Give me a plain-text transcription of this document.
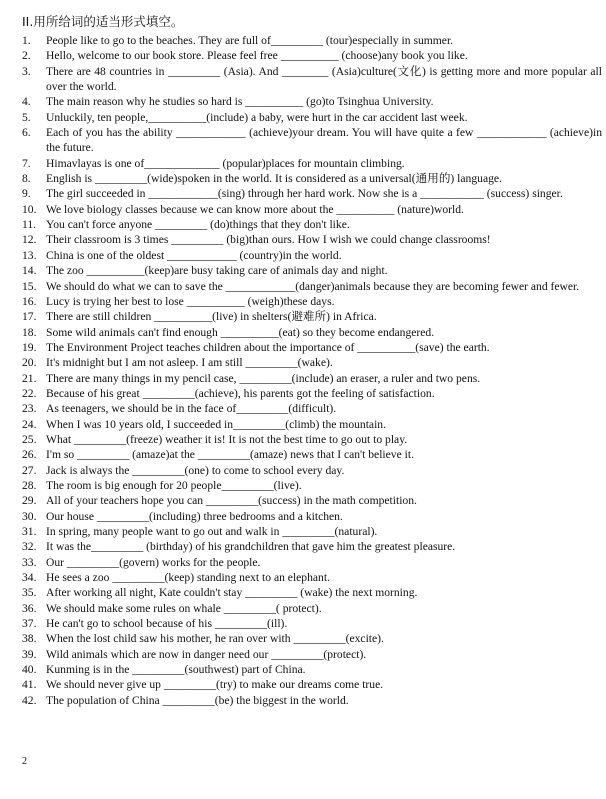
II.用所给词的适当形式填空。
1. People like to go to the beaches. They are full of_________ (tour)especially in summer.
2. Hello, welcome to our book store. Please feel free __________ (choose)any book you like.
3. There are 48 countries in _________ (Asia). And ________ (Asia)culture(文化) is getting more and more popular all over the world.
4. The main reason why he studies so hard is __________ (go)to Tsinghua University.
5. Unluckily, ten people,__________(include) a baby, were hurt in the car accident last week.
6. Each of you has the ability ____________ (achieve)your dream. You will have quite a few ____________ (achieve)in the future.
7. Himavlayas is one of_____________ (popular)places for mountain climbing.
8. English is _________(wide)spoken in the world. It is considered as a universal(通用的) language.
9. The girl succeeded in ____________(sing) through her hard work. Now she is a ___________ (success) singer.
10. We love biology classes because we can know more about the __________ (nature)world.
11. You can't force anyone _________ (do)things that they don't like.
12. Their classroom is 3 times _________ (big)than ours. How I wish we could change classrooms!
13. China is one of the oldest ____________ (country)in the world.
14. The zoo __________(keep)are busy taking care of animals day and night.
15. We should do what we can to save the ____________(danger)animals because they are becoming fewer and fewer.
16. Lucy is trying her best to lose __________ (weigh)these days.
17. There are still children __________(live) in shelters(避难所) in Africa.
18. Some wild animals can't find enough __________(eat) so they become endangered.
19. The Environment Project teaches children about the importance of __________(save) the earth.
20. It's midnight but I am not asleep. I am still _________(wake).
21. There are many things in my pencil case, _________(include) an eraser, a ruler and two pens.
22. Because of his great _________(achieve), his parents got the feeling of satisfaction.
23. As teenagers, we should be in the face of_________(difficult).
24. When I was 10 years old, I succeeded in_________(climb) the mountain.
25. What _________(freeze) weather it is! It is not the best time to go out to play.
26. I'm so _________ (amaze)at the _________(amaze) news that I can't believe it.
27. Jack is always the _________(one) to come to school every day.
28. The room is big enough for 20 people_________(live).
29. All of your teachers hope you can _________(success) in the math competition.
30. Our house _________(including) three bedrooms and a kitchen.
31. In spring, many people want to go out and walk in _________(natural).
32. It was the_________ (birthday) of his grandchildren that gave him the greatest pleasure.
33. Our _________(govern) works for the people.
34. He sees a zoo _________(keep) standing next to an elephant.
35. After working all night, Kate couldn't stay _________ (wake) the next morning.
36. We should make some rules on whale _________( protect).
37. He can't go to school because of his _________(ill).
38. When the lost child saw his mother, he ran over with _________(excite).
39. Wild animals which are now in danger need our _________(protect).
40. Kunming is in the _________(southwest) part of China.
41. We should never give up _________(try) to make our dreams come true.
42. The population of China _________(be) the biggest in the world.
2
